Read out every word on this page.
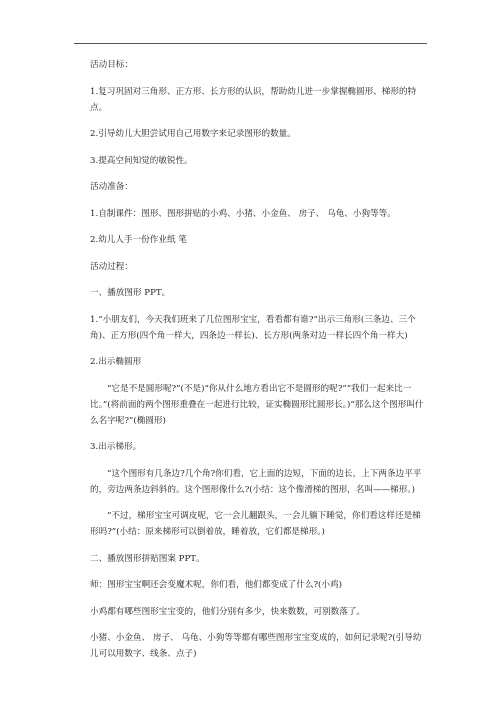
活动目标：

1.复习巩固对三角形、正方形、长方形的认识，帮助幼儿进一步掌握椭圆形、梯形的特点。

2.引导幼儿大胆尝试用自己用数字来记录图形的数量。

3.提高空间知觉的敏锐性。

活动准备：

1.自制课件：图形、图形拼贴的小鸡、小猪、小金鱼、 房子、 乌龟、小狗等等。

2.幼儿人手一份作业纸 笔

活动过程：

一、播放图形 PPT。

1.“小朋友们，今天我们班来了几位图形宝宝，看看都有谁?”出示三角形(三条边、三个角)、正方形(四个角一样大，四条边一样长)、长方形(两条对边一样长四个角一样大)

2.出示椭圆形

“它是不是圆形呢?”(不是)“你从什么地方看出它不是圆形的呢?”“我们一起来比一比。”(将前面的两个图形重叠在一起进行比较，证实椭圆形比圆形长。)“那么这个图形叫什么名字呢?”(椭圆形)

3.出示梯形。

“这个图形有几条边?几个角?你们看，它上面的边短，下面的边长，上下两条边平平的，旁边两条边斜斜的。这个图形像什么?(小结：这个像滑梯的图形，名叫——梯形。)

“不过，梯形宝宝可调皮呢，它一会儿翻跟头，一会儿躺下睡觉，你们看这样还是梯形吗?”(小结：原来梯形可以倒着放，睡着放，它们都是梯形。)

二、播放图形拼贴图案 PPT。

师：图形宝宝啊还会变魔术呢，你们看，他们都变成了什么?(小鸡)

小鸡都有哪些图形宝宝变的，他们分别有多少，快来数数，可别数落了。

小猪、小金鱼、 房子、 乌龟、小狗等等都有哪些图形宝宝变成的，如何记录呢?(引导幼儿可以用数字、线条、点子)
